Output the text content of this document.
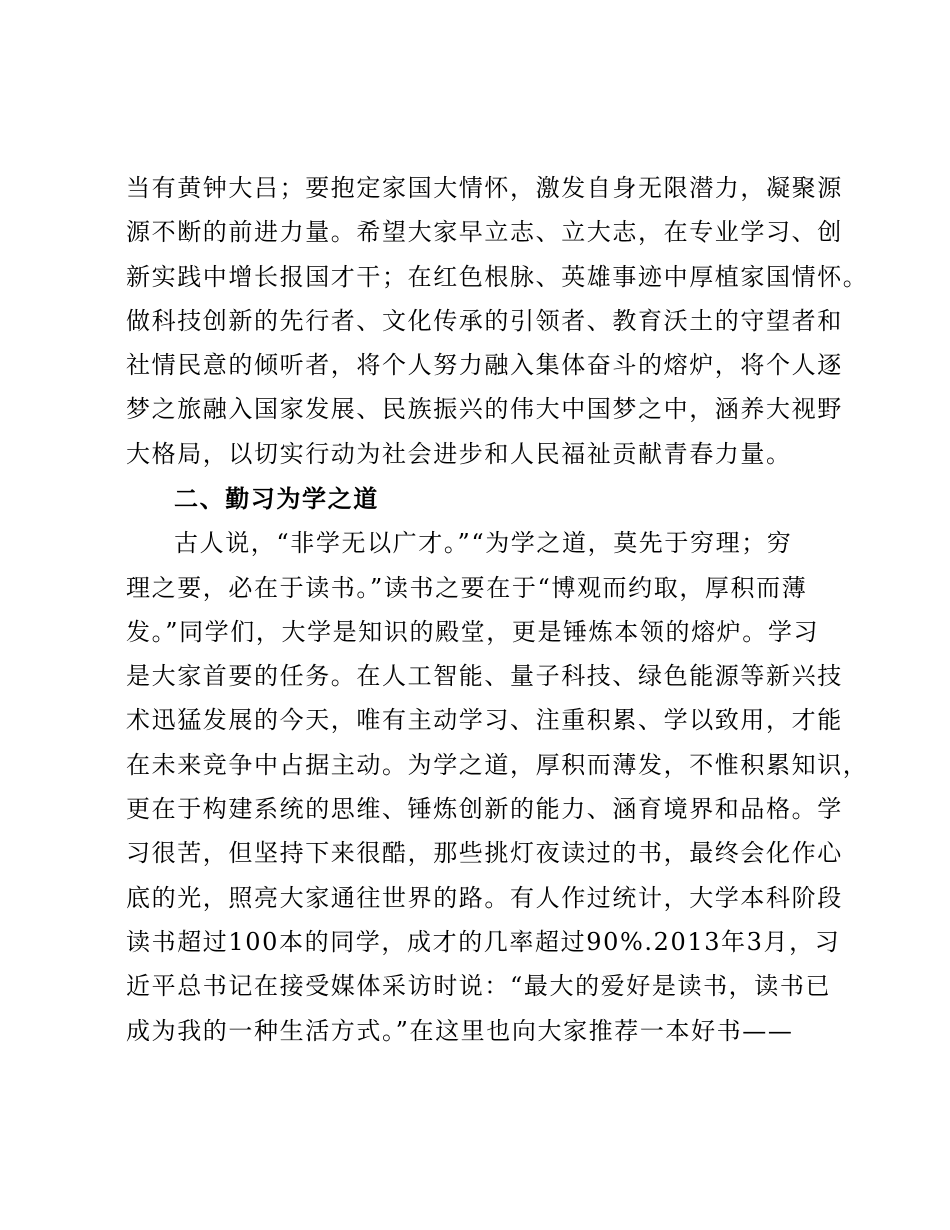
当有黄钟大吕；要抱定家国大情怀，激发自身无限潜力，凝聚源
源不断的前进力量。希望大家早立志、立大志，在专业学习、创
新实践中增长报国才干；在红色根脉、英雄事迹中厚植家国情怀。
做科技创新的先行者、文化传承的引领者、教育沃土的守望者和
社情民意的倾听者，将个人努力融入集体奋斗的熔炉，将个人逐
梦之旅融入国家发展、民族振兴的伟大中国梦之中，涵养大视野
大格局，以切实行动为社会进步和人民福祉贡献青春力量。
二、勤习为学之道
古人说，“非学无以广才。”“为学之道，莫先于穷理；穷
理之要，必在于读书。”读书之要在于“博观而约取，厚积而薄
发。”同学们，大学是知识的殿堂，更是锤炼本领的熔炉。学习
是大家首要的任务。在人工智能、量子科技、绿色能源等新兴技
术迅猛发展的今天，唯有主动学习、注重积累、学以致用，才能
在未来竞争中占据主动。为学之道，厚积而薄发，不惟积累知识，
更在于构建系统的思维、锤炼创新的能力、涵育境界和品格。学
习很苦，但坚持下来很酷，那些挑灯夜读过的书，最终会化作心
底的光，照亮大家通往世界的路。有人作过统计，大学本科阶段
读书超过100本的同学，成才的几率超过90%.2013年3月，习
近平总书记在接受媒体采访时说：“最大的爱好是读书，读书已
成为我的一种生活方式。”在这里也向大家推荐一本好书——
